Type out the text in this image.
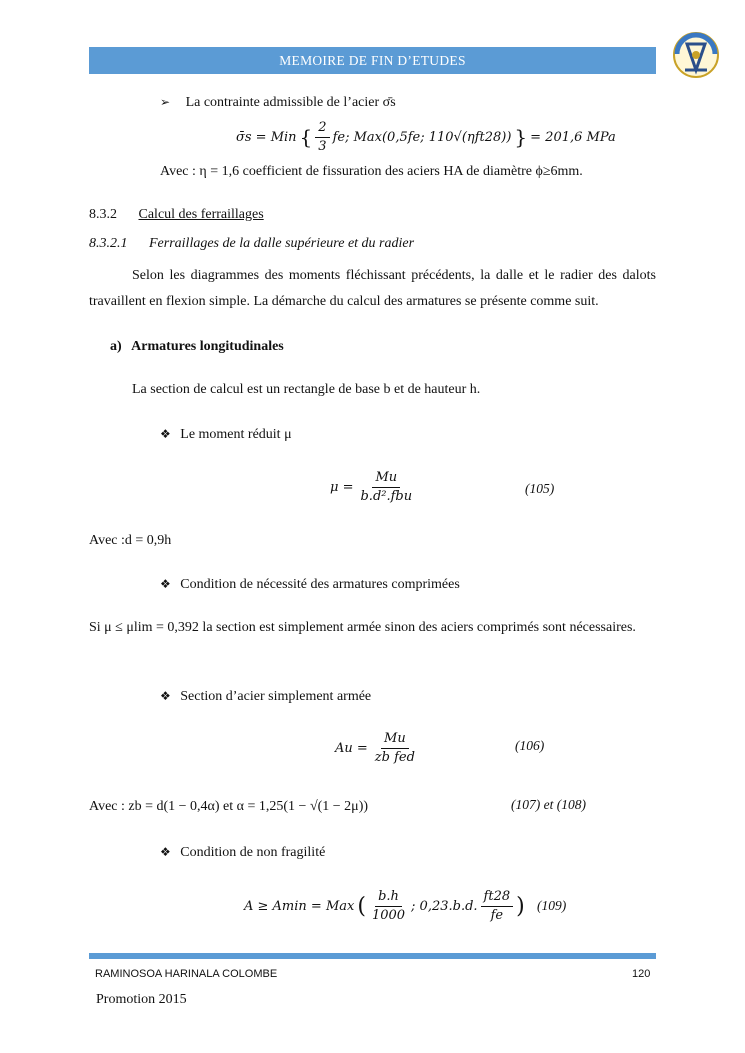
MEMOIRE DE FIN D’ETUDES
➢ La contrainte admissible de l’acier σ̄s
σ̄s = Min { $\frac{2}{3}$ fe; Max(0,5fe; 110√(ηft28)) } = 201,6 MPa
Avec : η = 1,6 coefficient de fissuration des aciers HA de diamètre ϕ≥6mm.
8.3.2 Calcul des ferraillages
8.3.2.1 Ferraillages de la dalle supérieure et du radier
Selon les diagrammes des moments fléchissant précédents, la dalle et le radier des dalots travaillent en flexion simple. La démarche du calcul des armatures se présente comme suit.
a) Armatures longitudinales
La section de calcul est un rectangle de base b et de hauteur h.
❖ Le moment réduit μ
$\mu = \frac{Mu}{\text{b.d².fbu}}$	(105)
Avec :d = 0,9h
❖ Condition de nécessité des armatures comprimées
Si μ ≤ μlim = 0,392 la section est simplement armée sinon des aciers comprimés sont nécessaires.
❖ Section d’acier simplement armée
$Au = \frac{Mu}{\text{zb fed}}$	(106)
Avec : zb = d(1 − 0,4α) et α = 1,25(1 − √(1 − 2μ))	(107) et (108)
❖ Condition de non fragilité
A ≥ Amin = Max ( $\frac{b.h}{1000}$ ; 0,23.b.d. $\frac{ft28}{fe}$ ) (109)
RAMINOSOA HARINALA COLOMBE	120
Promotion 2015
